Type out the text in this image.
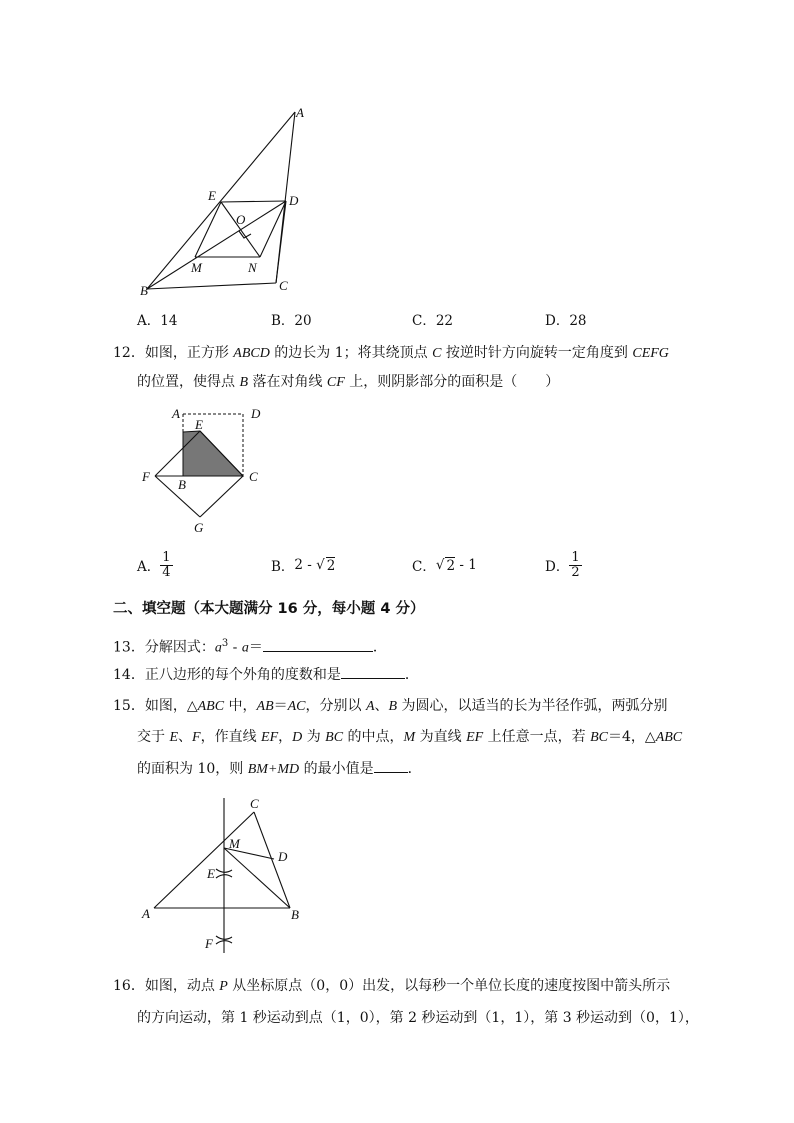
A
E	D
O
M	N
B	C
A．14	B．20	C．22	D．28
12．如图，正方形 ABCD 的边长为 1；将其绕顶点 C 按逆时针方向旋转一定角度到 CEFG
的位置，使得点 B 落在对角线 CF 上，则阴影部分的面积是（　　）
A	D
E
F
B
C
G
A． $\frac{1}{4}$	B． 2 - √ 2	C． √ 2 - 1	D． $\frac{1}{2}$
二、填空题（本大题满分 16 分，每小题 4 分）
13．分解因式：$a^3 - a=$	．
14．正八边形的每个外角的度数和是	．
15．如图，△ABC 中，AB＝AC，分别以 A、B 为圆心，以适当的长为半径作弧，两弧分别
交于 E、F，作直线 EF，D 为 BC 的中点，M 为直线 EF 上任意一点，若 BC＝4，△ABC
的面积为 10，则 BM+MD 的最小值是 ．
C
M
D
E
A	B
F
16．如图，动点 P 从坐标原点（0，0）出发，以每秒一个单位长度的速度按图中箭头所示
的方向运动，第 1 秒运动到点（1，0），第 2 秒运动到（1，1），第 3 秒运动到（0，1），
